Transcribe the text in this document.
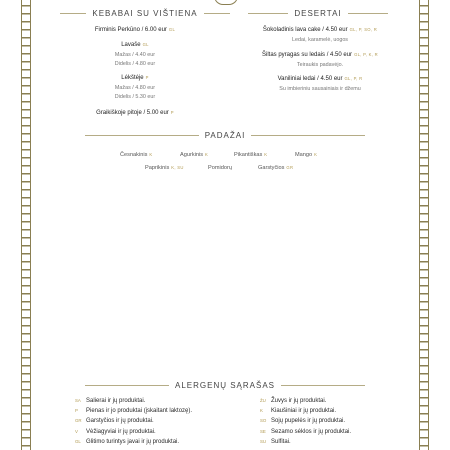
KEBABAI SU VIŠTIENA	DESERTAI
Firminis Perkūno / 6.00 eur GL
Lavaše GL
Mažas / 4.40 eur
Didelis / 4.80 eur
Lėkštėje P
Mažas / 4.80 eur
Didelis / 5.30 eur
Graikiškoje pitoje / 5.00 eur P
Šokoladinis lava cake / 4.50 eur GL, P, SO, R
Ledai, karamelė, uogos
Šiltas pyragas su ledais / 4.50 eur GL, P, K, R
Teiraukis padavėjo.
Vaniliniai ledai / 4.50 eur GL, P, R
Su imbieriniu sausainiais ir džemu
PADAŽAI
Česnakinis K	Agurkinis K	Pikantiškas K	Mango K
Paprikinis K, SU	Pomidorų	Garstyčios GR
ALERGENŲ SĄRAŠAS
SA Salierai ir jų produktai.
P Pienas ir jo produktai (įskaitant laktozę).
GR Garstyčios ir jų produktai.
V Vėžiagyviai ir jų produktai.
GL Glitimo turintys javai ir jų produktai.
ŽU Žuvys ir jų produktai.
K Kiaušiniai ir jų produktai.
SO Sojų pupelės ir jų produktai.
SE Sezamo sėklos ir jų produktai.
SU Sulfitai.
